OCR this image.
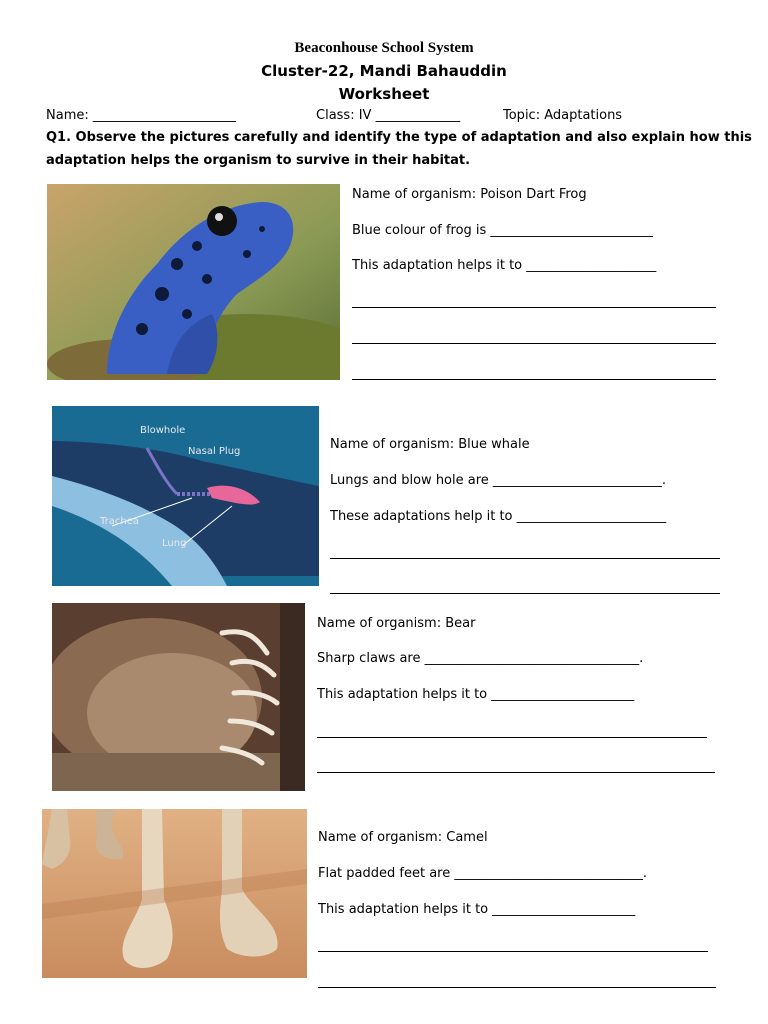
Beaconhouse School System
Cluster-22, Mandi Bahauddin
Worksheet
Name: ______________________	Class: IV _____________	Topic: Adaptations
Q1. Observe the pictures carefully and identify the type of adaptation and also explain how this
adaptation helps the organism to survive in their habitat.
Name of organism: Poison Dart Frog
Blue colour of frog is _________________________
This adaptation helps it to ____________________
Blowhole
Nasal Plug
Trachea
Lung
Name of organism: Blue whale
Lungs and blow hole are __________________________.
These adaptations help it to _______________________
Name of organism: Bear
Sharp claws are _________________________________.
This adaptation helps it to ______________________
Name of organism: Camel
Flat padded feet are _____________________________.
This adaptation helps it to ______________________
